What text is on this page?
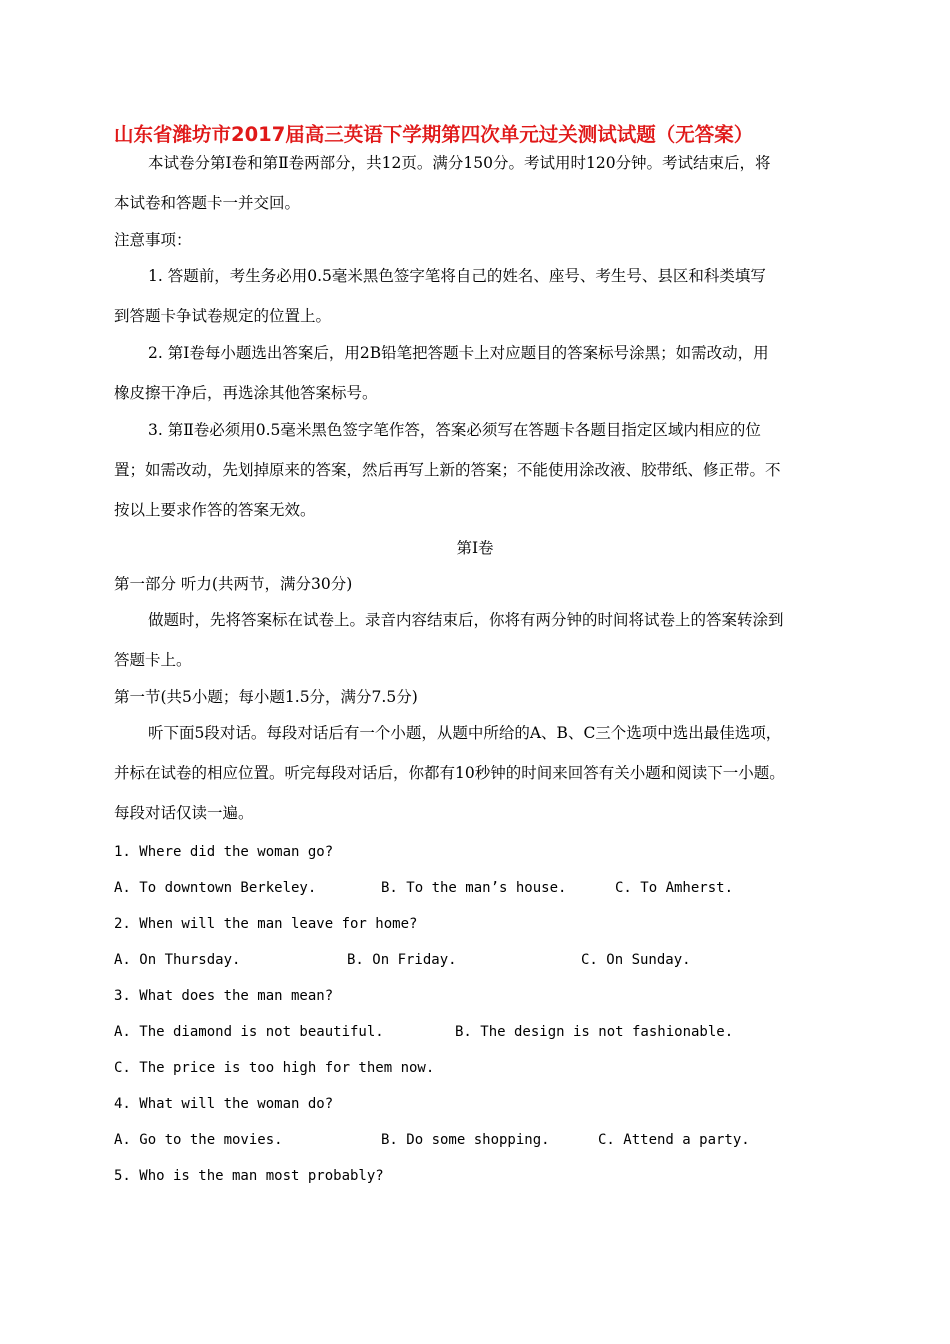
山东省潍坊市2017届高三英语下学期第四次单元过关测试试题（无答案）
本试卷分第Ⅰ卷和第Ⅱ卷两部分，共12页。满分150分。考试用时120分钟。考试结束后，将
本试卷和答题卡一并交回。
注意事项：
1. 答题前，考生务必用0.5毫米黑色签字笔将自己的姓名、座号、考生号、县区和科类填写
到答题卡争试卷规定的位置上。
2. 第Ⅰ卷每小题选出答案后，用2B铅笔把答题卡上对应题目的答案标号涂黑；如需改动，用
橡皮擦干净后，再选涂其他答案标号。
3. 第Ⅱ卷必须用0.5毫米黑色签字笔作答，答案必须写在答题卡各题目指定区域内相应的位
置；如需改动，先划掉原来的答案，然后再写上新的答案；不能使用涂改液、胶带纸、修正带。不
按以上要求作答的答案无效。
第Ⅰ卷
第一部分 听力(共两节，满分30分)
做题时，先将答案标在试卷上。录音内容结束后，你将有两分钟的时间将试卷上的答案转涂到
答题卡上。
第一节(共5小题；每小题1.5分，满分7.5分)
听下面5段对话。每段对话后有一个小题，从题中所给的A、B、C三个选项中选出最佳选项，
并标在试卷的相应位置。听完每段对话后，你都有10秒钟的时间来回答有关小题和阅读下一小题。
每段对话仅读一遍。
1. Where did the woman go?
A. To downtown Berkeley.	B. To the man’s house.	C. To Amherst.
2. When will the man leave for home?
A. On Thursday.	B. On Friday.	C. On Sunday.
3. What does the man mean?
A. The diamond is not beautiful.	B. The design is not fashionable.
C. The price is too high for them now.
4. What will the woman do?
A. Go to the movies.	B. Do some shopping.	C. Attend a party.
5. Who is the man most probably?
